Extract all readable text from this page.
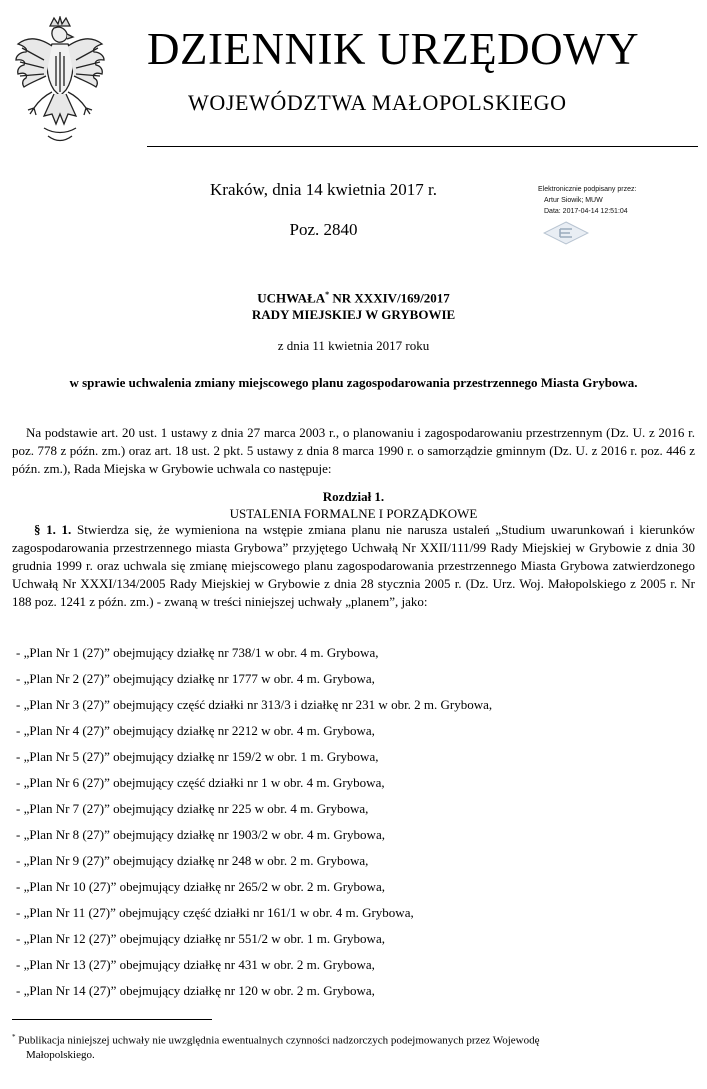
DZIENNIK URZĘDOWY
WOJEWÓDZTWA MAŁOPOLSKIEGO
Kraków, dnia 14 kwietnia 2017 r.
Poz. 2840
Elektronicznie podpisany przez:
Artur Siowik; MUW
Data: 2017-04-14 12:51:04
UCHWAŁA* NR XXXIV/169/2017
RADY MIEJSKIEJ W GRYBOWIE
z dnia 11 kwietnia 2017 roku
w sprawie uchwalenia zmiany miejscowego planu zagospodarowania przestrzennego Miasta Grybowa.
Na podstawie art. 20 ust. 1 ustawy z dnia 27 marca 2003 r., o planowaniu i zagospodarowaniu przestrzennym (Dz. U. z 2016 r. poz. 778 z późn. zm.) oraz art. 18 ust. 2 pkt. 5 ustawy z dnia 8 marca 1990 r. o samorządzie gminnym (Dz. U. z 2016 r. poz. 446 z późn. zm.), Rada Miejska w Grybowie uchwala co następuje:
Rozdział 1.
USTALENIA FORMALNE I PORZĄDKOWE
§ 1. 1. Stwierdza się, że wymieniona na wstępie zmiana planu nie narusza ustaleń „Studium uwarunkowań i kierunków zagospodarowania przestrzennego miasta Grybowa” przyjętego Uchwałą Nr XXII/111/99 Rady Miejskiej w Grybowie z dnia 30 grudnia 1999 r. oraz uchwala się zmianę miejscowego planu zagospodarowania przestrzennego Miasta Grybowa zatwierdzonego Uchwałą Nr XXXI/134/2005 Rady Miejskiej w Grybowie z dnia 28 stycznia 2005 r. (Dz. Urz. Woj. Małopolskiego z 2005 r. Nr 188 poz. 1241 z późn. zm.) - zwaną w treści niniejszej uchwały „planem”, jako:
- „Plan Nr 1 (27)” obejmujący działkę nr 738/1 w obr. 4 m. Grybowa,
- „Plan Nr 2 (27)” obejmujący działkę nr 1777 w obr. 4 m. Grybowa,
- „Plan Nr 3 (27)” obejmujący część działki nr 313/3 i działkę nr 231 w obr. 2 m. Grybowa,
- „Plan Nr 4 (27)” obejmujący działkę nr 2212 w obr. 4 m. Grybowa,
- „Plan Nr 5 (27)” obejmujący działkę nr 159/2 w obr. 1 m. Grybowa,
- „Plan Nr 6 (27)” obejmujący część działki nr 1 w obr. 4 m. Grybowa,
- „Plan Nr 7 (27)” obejmujący działkę nr 225 w obr. 4 m. Grybowa,
- „Plan Nr 8 (27)” obejmujący działkę nr 1903/2 w obr. 4 m. Grybowa,
- „Plan Nr 9 (27)” obejmujący działkę nr 248 w obr. 2 m. Grybowa,
- „Plan Nr 10 (27)” obejmujący działkę nr 265/2 w obr. 2 m. Grybowa,
- „Plan Nr 11 (27)” obejmujący część działki nr 161/1 w obr. 4 m. Grybowa,
- „Plan Nr 12 (27)” obejmujący działkę nr 551/2 w obr. 1 m. Grybowa,
- „Plan Nr 13 (27)” obejmujący działkę nr 431 w obr. 2 m. Grybowa,
- „Plan Nr 14 (27)” obejmujący działkę nr 120 w obr. 2 m. Grybowa,
* Publikacja niniejszej uchwały nie uwzględnia ewentualnych czynności nadzorczych podejmowanych przez Wojewodę
Małopolskiego.
